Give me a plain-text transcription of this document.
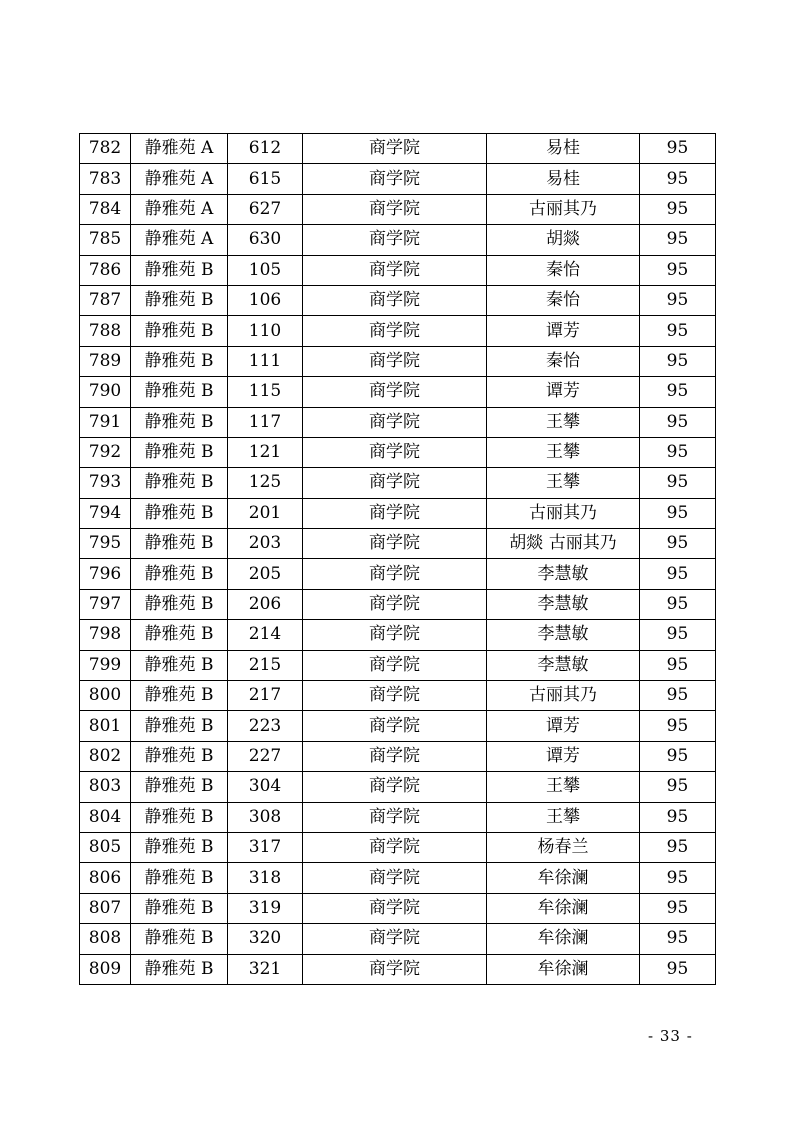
782	静雅苑 A	612	商学院	易桂	95
783	静雅苑 A	615	商学院	易桂	95
784	静雅苑 A	627	商学院	古丽其乃	95
785	静雅苑 A	630	商学院	胡燚	95
786	静雅苑 B	105	商学院	秦怡	95
787	静雅苑 B	106	商学院	秦怡	95
788	静雅苑 B	110	商学院	谭芳	95
789	静雅苑 B	111	商学院	秦怡	95
790	静雅苑 B	115	商学院	谭芳	95
791	静雅苑 B	117	商学院	王攀	95
792	静雅苑 B	121	商学院	王攀	95
793	静雅苑 B	125	商学院	王攀	95
794	静雅苑 B	201	商学院	古丽其乃	95
795	静雅苑 B	203	商学院	胡燚 古丽其乃	95
796	静雅苑 B	205	商学院	李慧敏	95
797	静雅苑 B	206	商学院	李慧敏	95
798	静雅苑 B	214	商学院	李慧敏	95
799	静雅苑 B	215	商学院	李慧敏	95
800	静雅苑 B	217	商学院	古丽其乃	95
801	静雅苑 B	223	商学院	谭芳	95
802	静雅苑 B	227	商学院	谭芳	95
803	静雅苑 B	304	商学院	王攀	95
804	静雅苑 B	308	商学院	王攀	95
805	静雅苑 B	317	商学院	杨春兰	95
806	静雅苑 B	318	商学院	牟徐澜	95
807	静雅苑 B	319	商学院	牟徐澜	95
808	静雅苑 B	320	商学院	牟徐澜	95
809	静雅苑 B	321	商学院	牟徐澜	95
- 33 -
